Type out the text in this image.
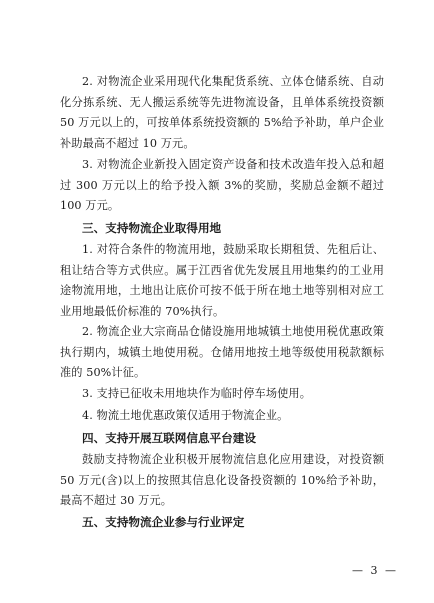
2. 对物流企业采用现代化集配货系统、立体仓储系统、自动化分拣系统、无人搬运系统等先进物流设备，且单体系统投资额 50 万元以上的，可按单体系统投资额的 5%给予补助，单户企业补助最高不超过 10 万元。

3. 对物流企业新投入固定资产设备和技术改造年投入总和超过 300 万元以上的给予投入额 3%的奖励，奖励总金额不超过 100 万元。

三、支持物流企业取得用地

1. 对符合条件的物流用地，鼓励采取长期租赁、先租后让、租让结合等方式供应。属于江西省优先发展且用地集约的工业用途物流用地，土地出让底价可按不低于所在地土地等别相对应工业用地最低价标准的 70%执行。

2. 物流企业大宗商品仓储设施用地城镇土地使用税优惠政策执行期内，城镇土地使用税。仓储用地按土地等级使用税款额标准的 50%计征。

3. 支持已征收未用地块作为临时停车场使用。

4. 物流土地优惠政策仅适用于物流企业。

四、支持开展互联网信息平台建设

鼓励支持物流企业积极开展物流信息化应用建设，对投资额 50 万元(含)以上的按照其信息化设备投资额的 10%给予补助，最高不超过 30 万元。

五、支持物流企业参与行业评定
— 3 —
